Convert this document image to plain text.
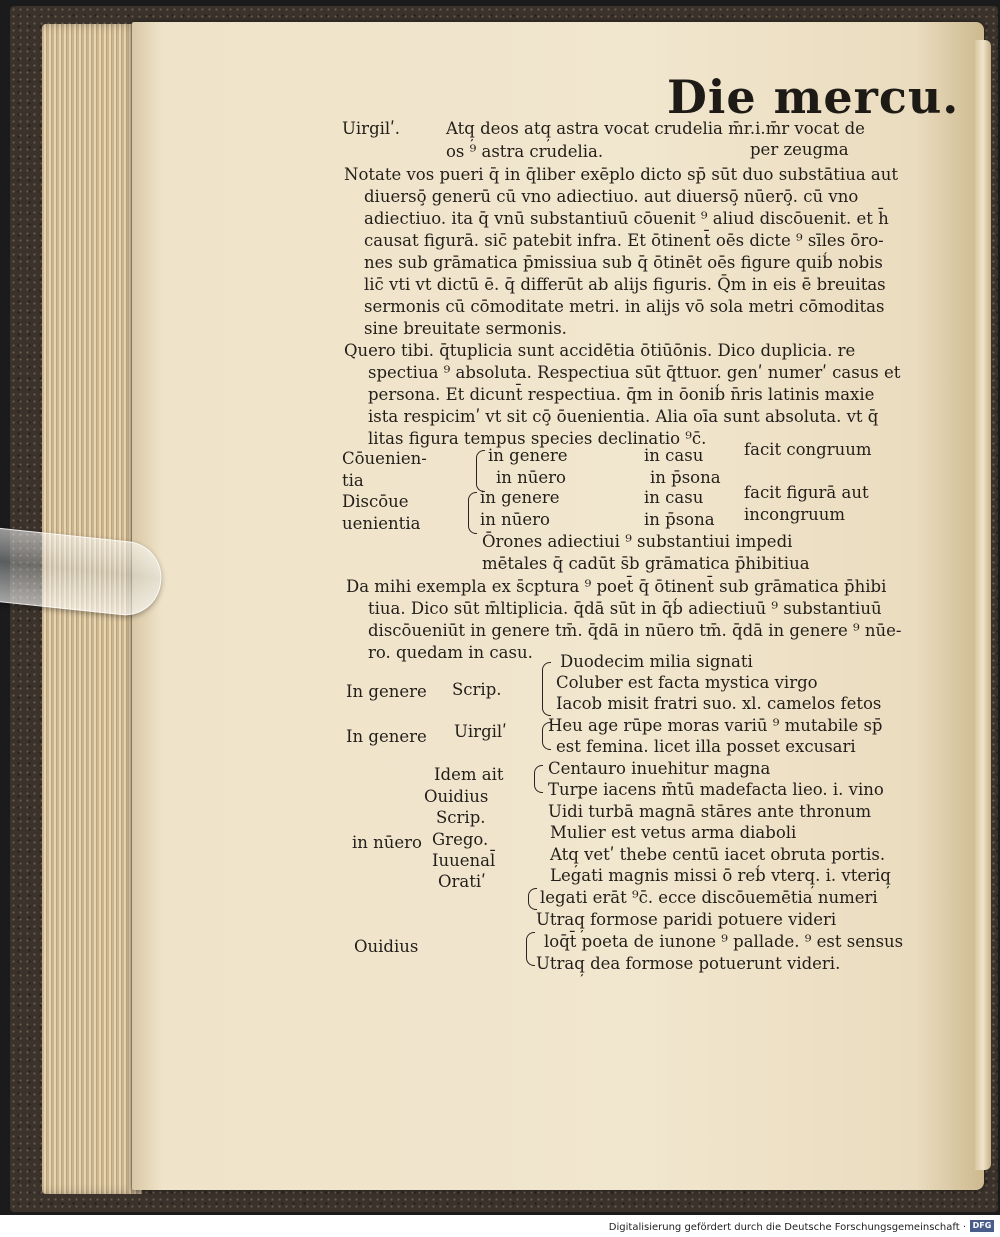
Die mercu.
Uirgilʹ.	Atq̦ deos atq̦ astra vocat crudelia m̄r.i.m̄r vocat de
os ⁹ astra crudelia.	per zeugma
Notate vos pueri q̄ in q̄liber exēplo dicto sp̄ sūt duo substātiua aut
diuersō̧ generū cū vno adiectiuo. aut diuersō̧ nūerō̧. cū vno
adiectiuo. ita q̄ vnū substantiuū cōuenit ⁹ aliud discōuenit. et h̄
causat figurā. sic̄ patebit infra. Et ōtinent̄ oēs dicte ⁹ sīles ōro-
nes sub grāmatica p̄missiua sub q̄ ōtinēt oēs figure quib̒ nobis
lic̄ vti vt dictū ē. q̄ differūt ab alijs figuris. Q̄m in eis ē breuitas
sermonis cū cōmoditate metri. in alijs vō sola metri cōmoditas
sine breuitate sermonis.
Quero tibi. q̄tuplicia sunt accidētia ōtiūōnis. Dico duplicia. re
spectiua ⁹ absoluta. Respectiua sūt q̄ttuor. genʹ numerʹ casus et
persona. Et dicunt̄ respectiua. q̄m in ōonib̒ n̄ris latinis maxie
ista respicimʹ vt sit cō̧ ōuenientia. Alia oīa sunt absoluta. vt q̄
litas figura tempus species declinatio ⁹c̄.
Cōuenien-
tia
in genere
in nūero
in casu
in p̄sona
facit congruum
Discōue
uenientia
in genere
in nūero
in casu
in p̄sona
facit figurā aut
incongruum
Ōrones adiectiui ⁹ substantiui impedi
mētales q̄ cadūt s̄b grāmatica p̄hibitiua
Da mihi exempla ex s̄cptura ⁹ poet̄ q̄ ōtinent̄ sub grāmatica p̄hibi
tiua. Dico sūt m̄ltiplicia. q̄dā sūt in q̄b̒ adiectiuū ⁹ substantiuū
discōueniūt in genere tm̄. q̄dā in nūero tm̄. q̄dā in genere ⁹ nūe-
ro. quedam in casu.
In genere
In genere
in nūero
Ouidius
Scrip.
Uirgilʹ
Idem ait
Ouidius
Scrip.
Grego.
Iuuenal̄
Oratiʹ
Duodecim milia signati
Coluber est facta mystica virgo
Iacob misit fratri suo. xl. camelos fetos
Heu age rūpe moras variū ⁹ mutabile sp̄
est femina. licet illa posset excusari
Centauro inuehitur magna
Turpe iacens m̄tū madefacta lieo. i. vino
Uidi turbā magnā stāres ante thronum
Mulier est vetus arma diaboli
Atq̦ vetʹ thebe centū iacet obruta portis.
Legati magnis missi ō reb̒ vterq̦. i. vteriq̦
legati erāt ⁹c̄. ecce discōuemētia numeri
Utraq̦ formose paridi potuere videri
loq̄t̄ poeta de iunone ⁹ pallade. ⁹ est sensus
Utraq̦ dea formose potuerunt videri.
Digitalisierung gefördert durch die Deutsche Forschungsgemeinschaft · DFG
